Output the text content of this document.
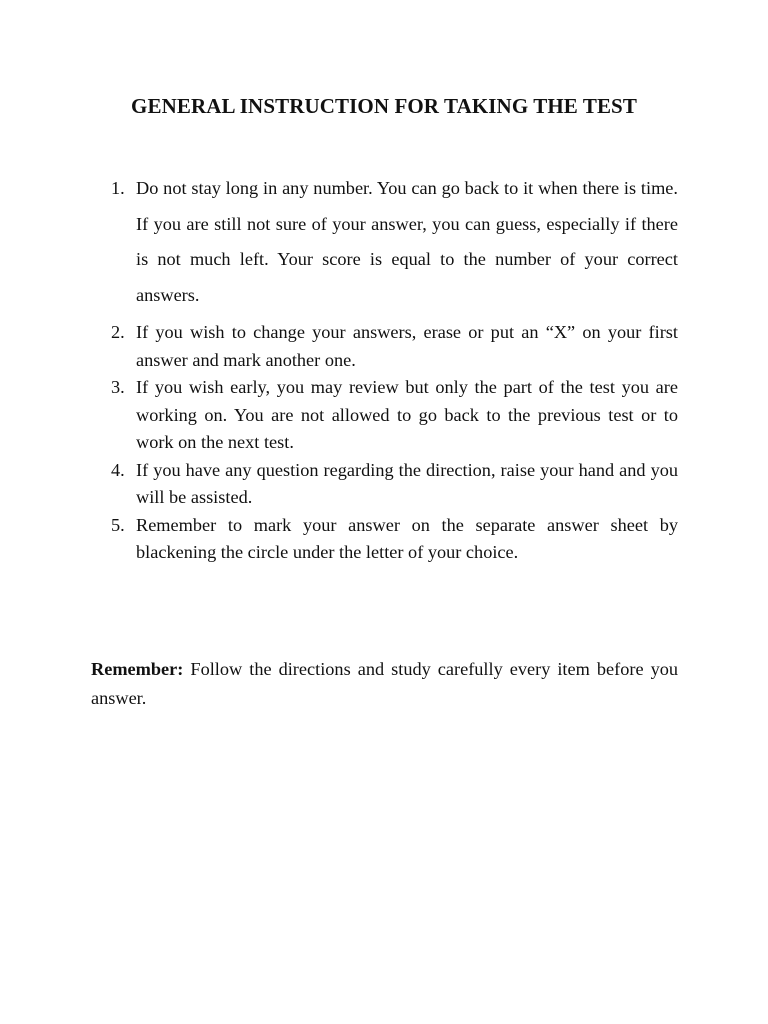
GENERAL INSTRUCTION FOR TAKING THE TEST
1. Do not stay long in any number. You can go back to it when there is time. If you are still not sure of your answer, you can guess, especially if there is not much left. Your score is equal to the number of your correct answers.
2. If you wish to change your answers, erase or put an “X” on your first answer and mark another one.
3. If you wish early, you may review but only the part of the test you are working on. You are not allowed to go back to the previous test or to work on the next test.
4. If you have any question regarding the direction, raise your hand and you will be assisted.
5. Remember to mark your answer on the separate answer sheet by blackening the circle under the letter of your choice.

Remember: Follow the directions and study carefully every item before you answer.
